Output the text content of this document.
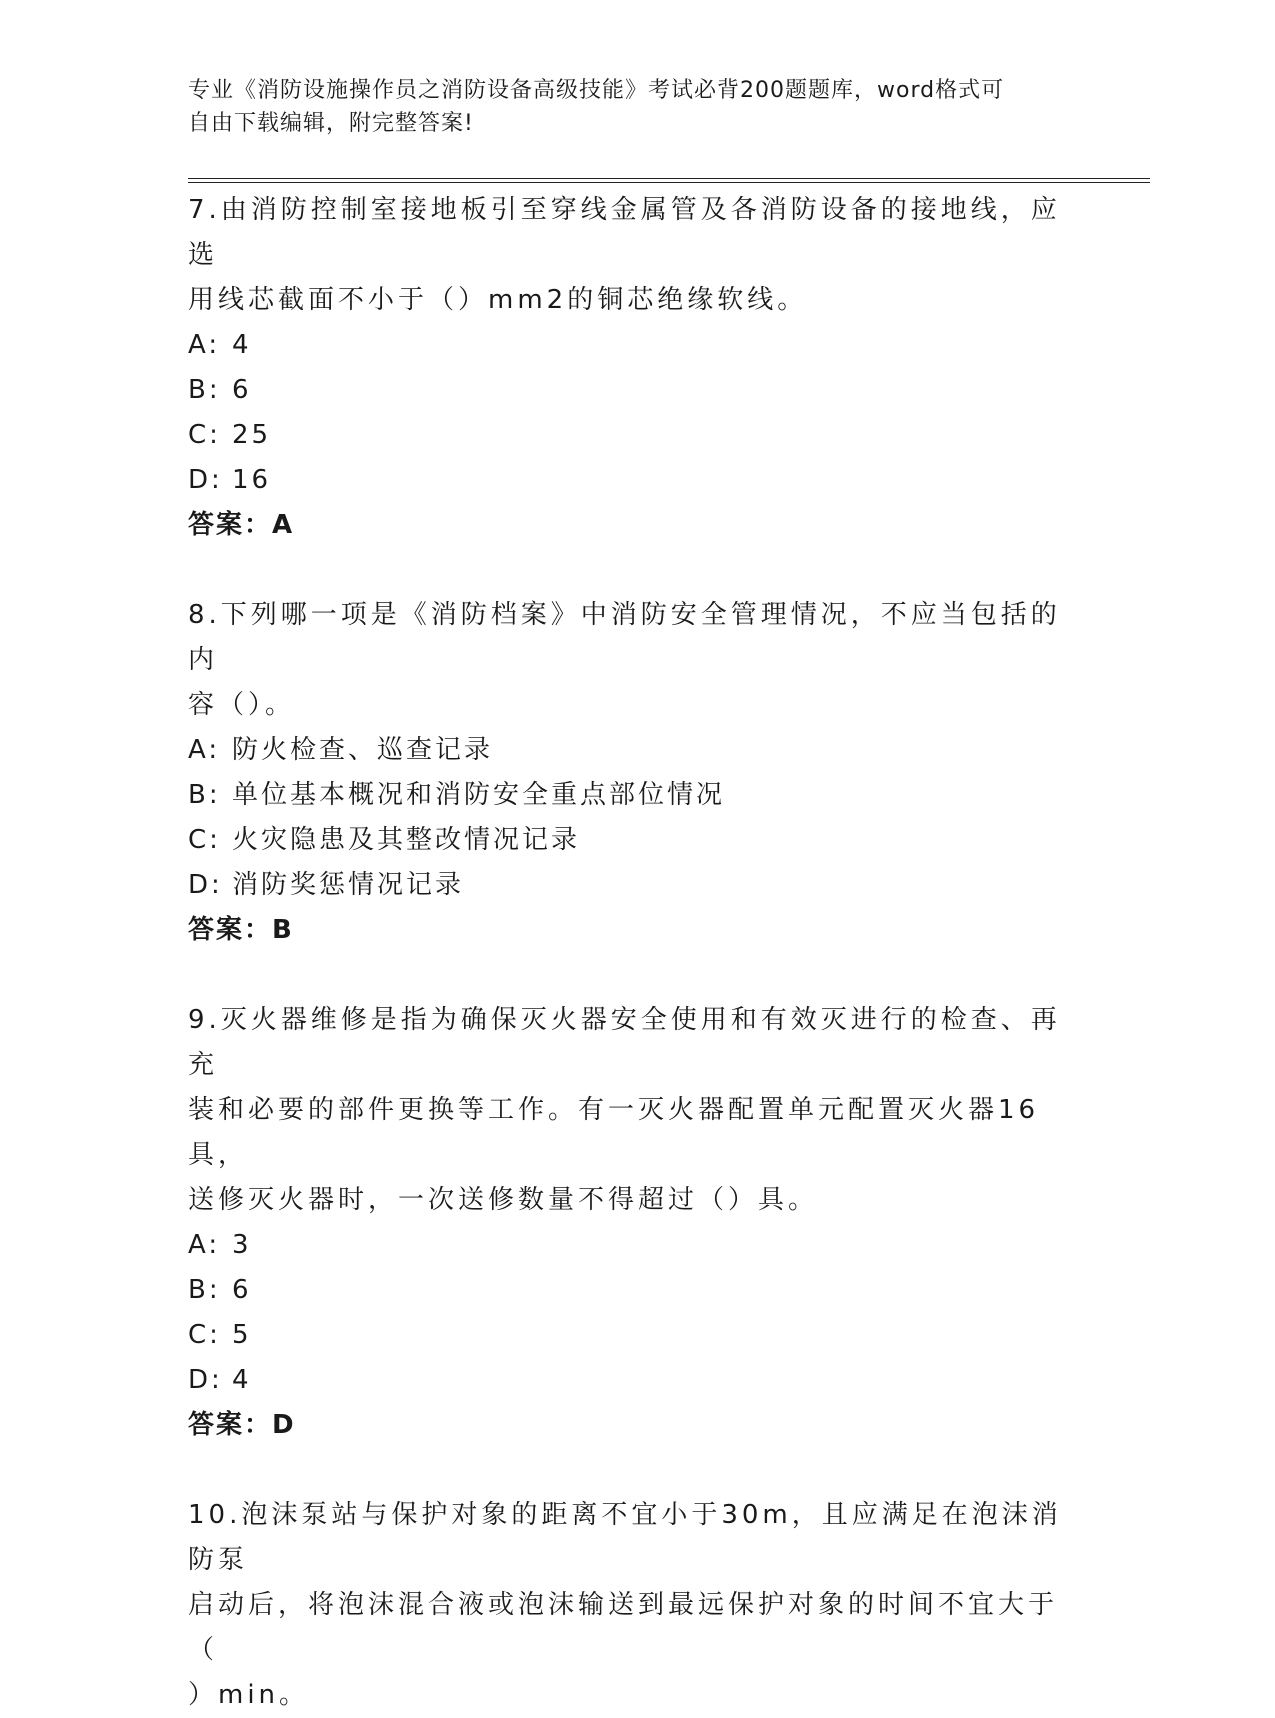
专业《消防设施操作员之消防设备高级技能》考试必背200题题库，word格式可
自由下载编辑，附完整答案!

7.由消防控制室接地板引至穿线金属管及各消防设备的接地线，应选

用线芯截面不小于（）mm2的铜芯绝缘软线。

A: 4

B: 6

C: 25

D: 16

答案：A

8.下列哪一项是《消防档案》中消防安全管理情况，不应当包括的内

容（）。

A: 防火检查、巡查记录

B: 单位基本概况和消防安全重点部位情况

C: 火灾隐患及其整改情况记录

D: 消防奖惩情况记录

答案：B

9.灭火器维修是指为确保灭火器安全使用和有效灭进行的检查、再充

装和必要的部件更换等工作。有一灭火器配置单元配置灭火器16具，

送修灭火器时，一次送修数量不得超过（）具。

A: 3

B: 6

C: 5

D: 4

答案：D

10.泡沫泵站与保护对象的距离不宜小于30m，且应满足在泡沫消防泵

启动后，将泡沫混合液或泡沫输送到最远保护对象的时间不宜大于（

）min。
